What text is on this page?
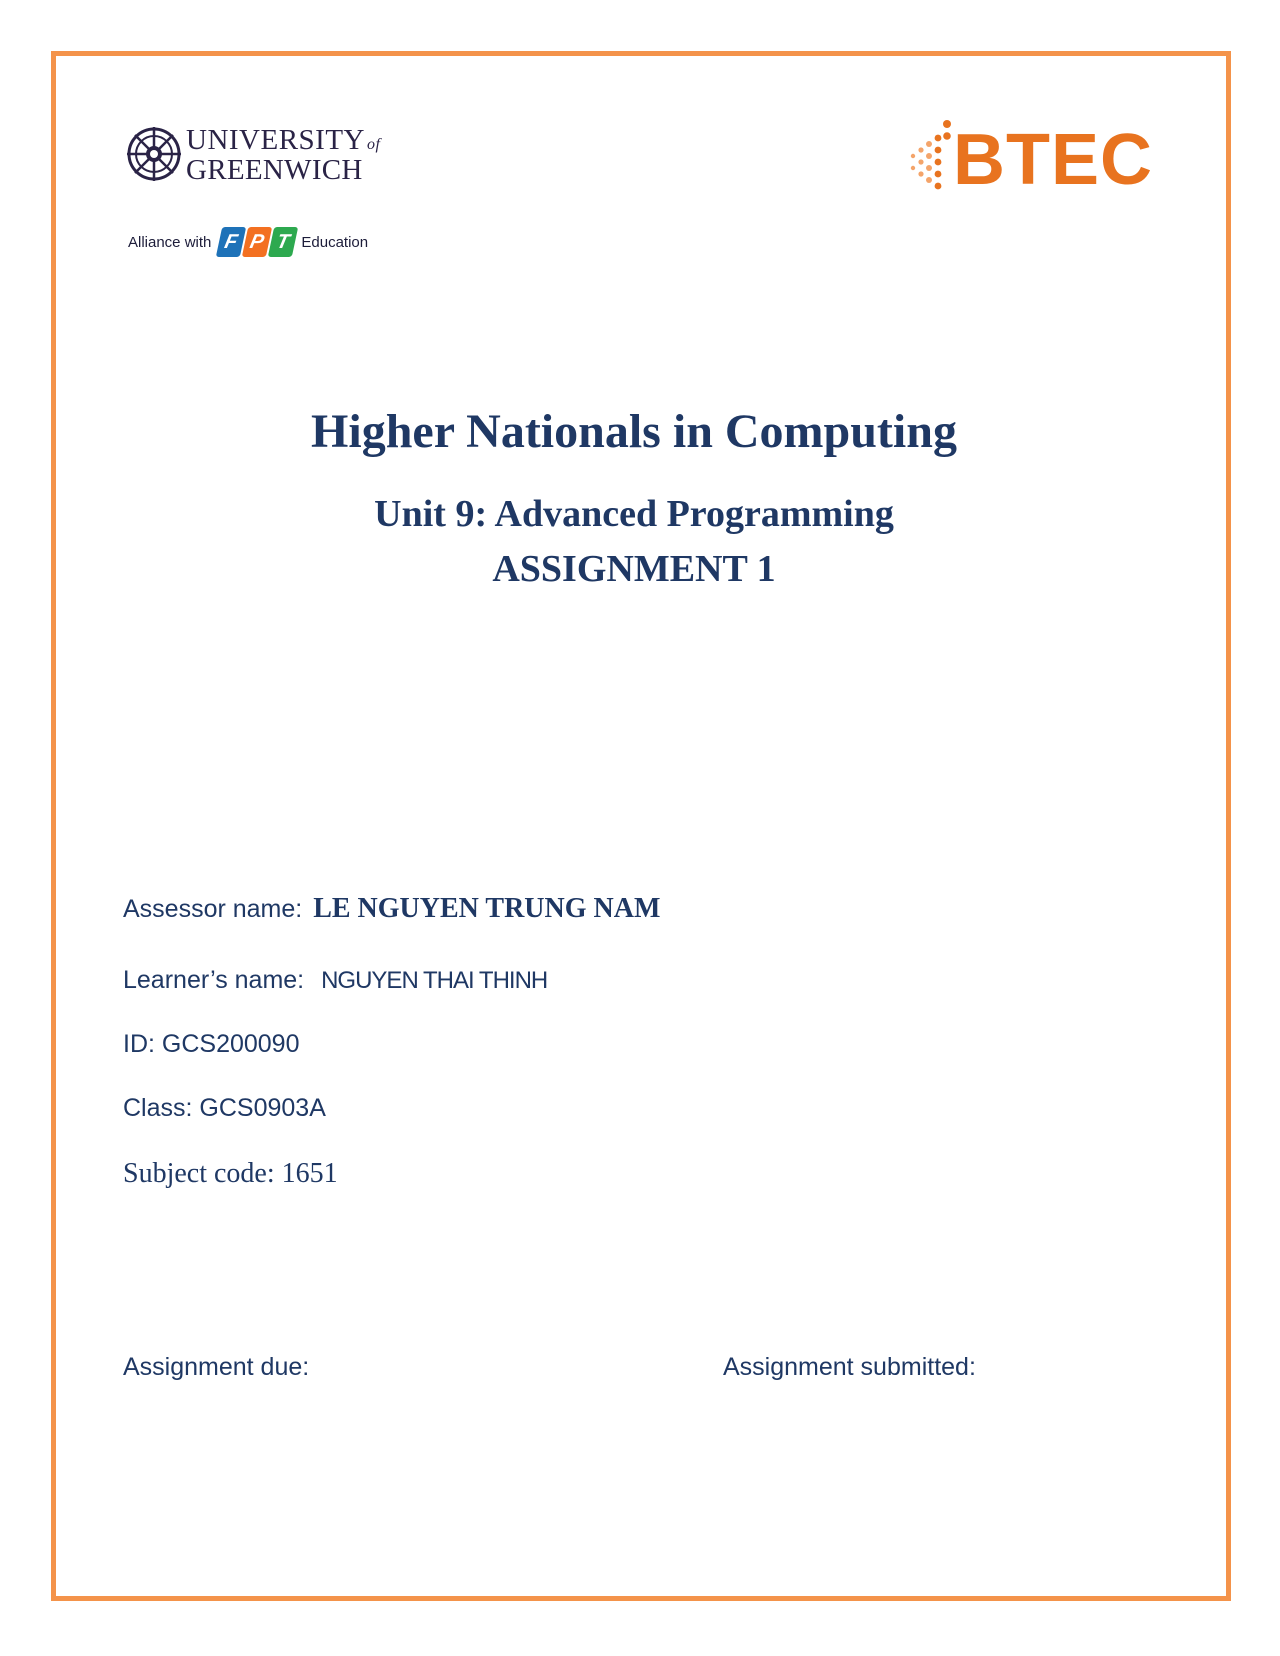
UNIVERSITY of
GREENWICH
Alliance with F P T Education
BTEC
Higher Nationals in Computing
Unit 9: Advanced Programming
ASSIGNMENT 1
Assessor name: LE NGUYEN TRUNG NAM
Learner’s name: NGUYEN THAI THINH
ID: GCS200090
Class: GCS0903A
Subject code: 1651
Assignment due:	Assignment submitted:
